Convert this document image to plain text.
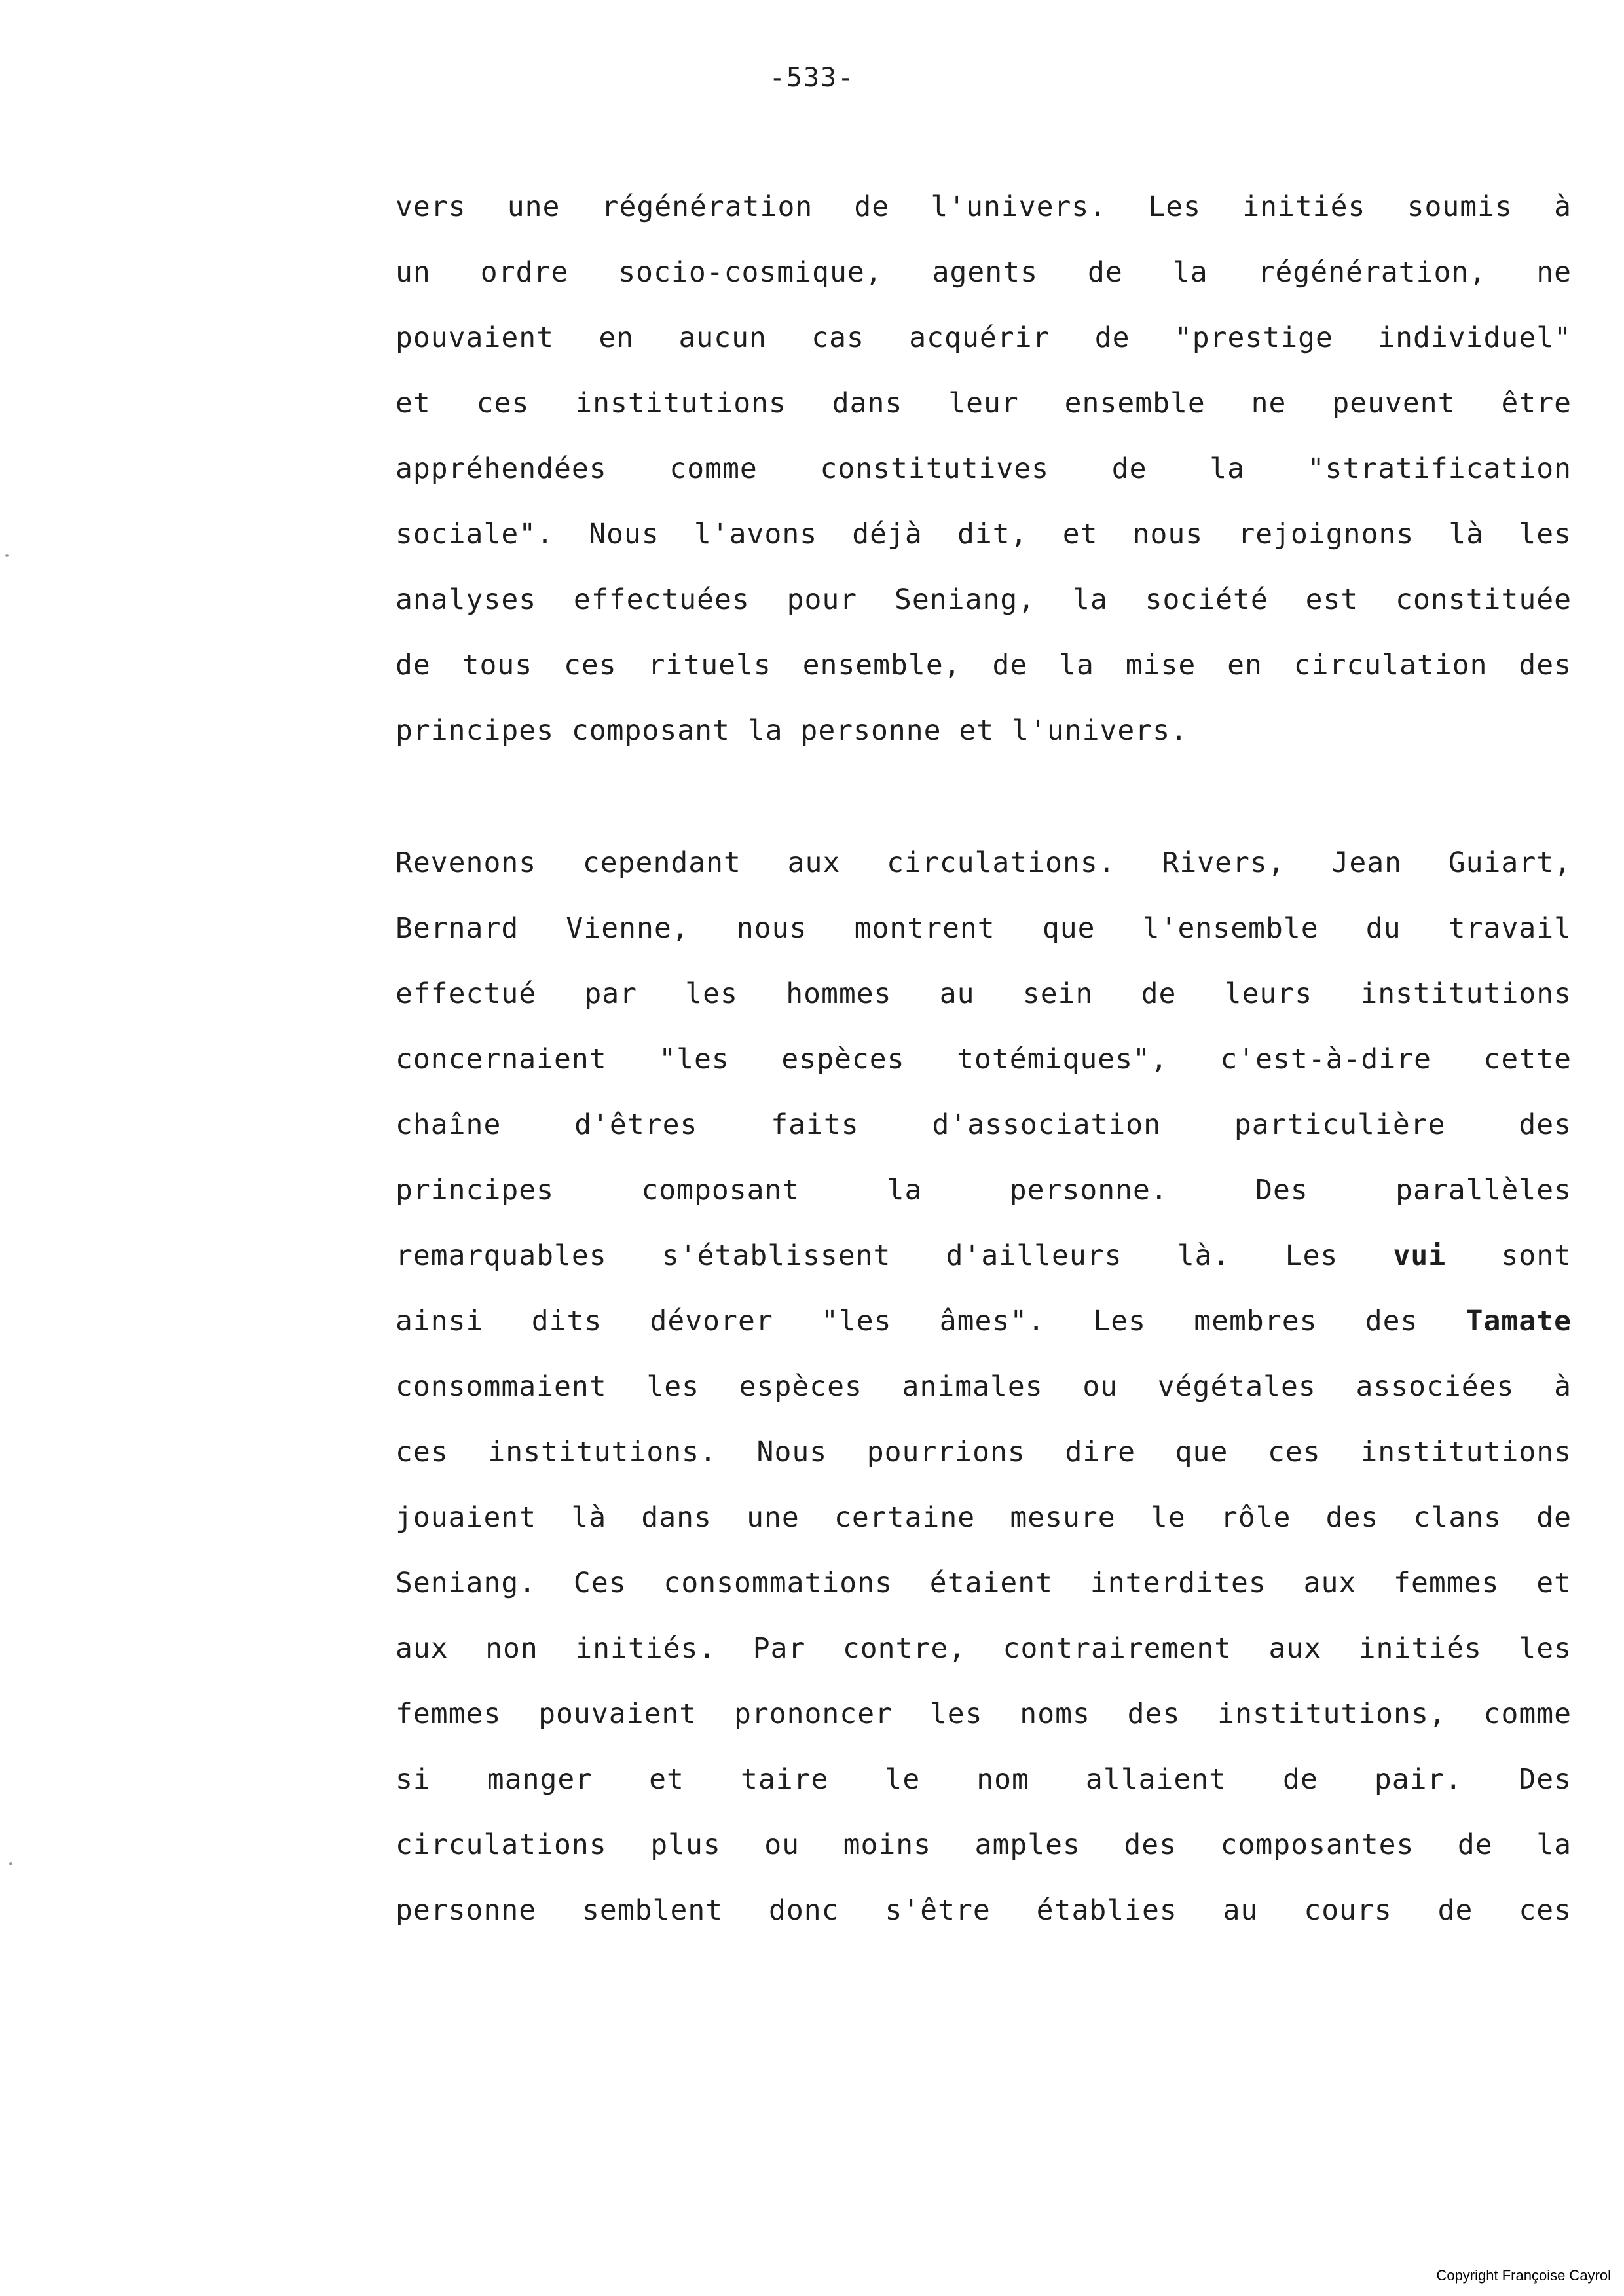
-533-
vers une régénération de l'univers. Les initiés soumis à
un ordre socio-cosmique, agents de la régénération, ne
pouvaient en aucun cas acquérir de "prestige individuel"
et ces institutions dans leur ensemble ne peuvent être
appréhendées comme constitutives de la "stratification
sociale". Nous l'avons déjà dit, et nous rejoignons là les
analyses effectuées pour Seniang, la société est constituée
de tous ces rituels ensemble, de la mise en circulation des
principes composant la personne et l'univers.
Revenons cependant aux circulations. Rivers, Jean Guiart,
Bernard Vienne, nous montrent que l'ensemble du travail
effectué par les hommes au sein de leurs institutions
concernaient "les espèces totémiques", c'est-à-dire cette
chaîne d'êtres faits d'association particulière des
principes composant la personne. Des parallèles
remarquables s'établissent d'ailleurs là. Les vui sont
ainsi dits dévorer "les âmes". Les membres des Tamate
consommaient les espèces animales ou végétales associées à
ces institutions. Nous pourrions dire que ces institutions
jouaient là dans une certaine mesure le rôle des clans de
Seniang. Ces consommations étaient interdites aux femmes et
aux non initiés. Par contre, contrairement aux initiés les
femmes pouvaient prononcer les noms des institutions, comme
si manger et taire le nom allaient de pair. Des
circulations plus ou moins amples des composantes de la
personne semblent donc s'être établies au cours de ces
Copyright Françoise Cayrol
